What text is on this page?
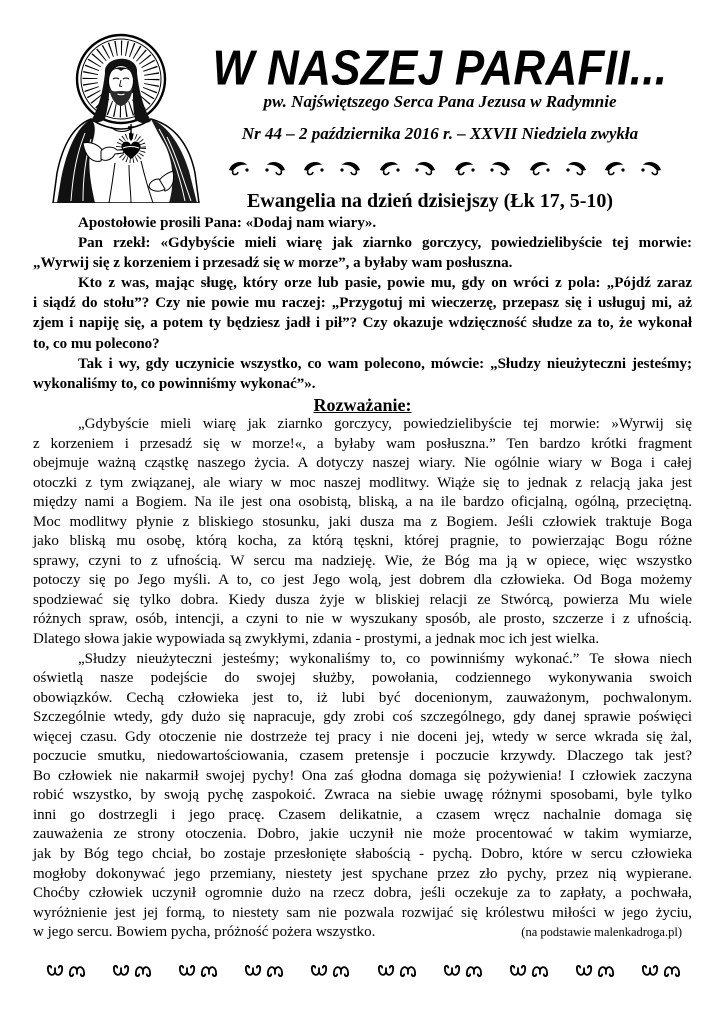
W NASZEJ PARAFII...
pw. Najświętszego Serca Pana Jezusa w Radymnie
Nr 44 – 2 października 2016 r. – XXVII Niedziela zwykła
Ewangelia na dzień dzisiejszy (Łk 17, 5-10)
Apostołowie prosili Pana: «Dodaj nam wiary».
Pan rzekł: «Gdybyście mieli wiarę jak ziarnko gorczycy, powiedzielibyście tej morwie:
„Wyrwij się z korzeniem i przesadź się w morze”, a byłaby wam posłuszna.
Kto z was, mając sługę, który orze lub pasie, powie mu, gdy on wróci z pola: „Pójdź zaraz
i siądź do stołu”? Czy nie powie mu raczej: „Przygotuj mi wieczerzę, przepasz się i usługuj mi, aż
zjem i napiję się, a potem ty będziesz jadł i pił”? Czy okazuje wdzięczność słudze za to, że wykonał
to, co mu polecono?
Tak i wy, gdy uczynicie wszystko, co wam polecono, mówcie: „Słudzy nieużyteczni jesteśmy;
wykonaliśmy to, co powinniśmy wykonać”».
Rozważanie:
„Gdybyście mieli wiarę jak ziarnko gorczycy, powiedzielibyście tej morwie: »Wyrwij się
z korzeniem i przesadź się w morze!«, a byłaby wam posłuszna.” Ten bardzo krótki fragment
obejmuje ważną cząstkę naszego życia. A dotyczy naszej wiary. Nie ogólnie wiary w Boga i całej
otoczki z tym związanej, ale wiary w moc naszej modlitwy. Wiąże się to jednak z relacją jaka jest
między nami a Bogiem. Na ile jest ona osobistą, bliską, a na ile bardzo oficjalną, ogólną, przeciętną.
Moc modlitwy płynie z bliskiego stosunku, jaki dusza ma z Bogiem. Jeśli człowiek traktuje Boga
jako bliską mu osobę, którą kocha, za którą tęskni, której pragnie, to powierzając Bogu różne
sprawy, czyni to z ufnością. W sercu ma nadzieję. Wie, że Bóg ma ją w opiece, więc wszystko
potoczy się po Jego myśli. A to, co jest Jego wolą, jest dobrem dla człowieka. Od Boga możemy
spodziewać się tylko dobra. Kiedy dusza żyje w bliskiej relacji ze Stwórcą, powierza Mu wiele
różnych spraw, osób, intencji, a czyni to nie w wyszukany sposób, ale prosto, szczerze i z ufnością.
Dlatego słowa jakie wypowiada są zwykłymi, zdania - prostymi, a jednak moc ich jest wielka.
„Słudzy nieużyteczni jesteśmy; wykonaliśmy to, co powinniśmy wykonać.” Te słowa niech
oświetlą nasze podejście do swojej służby, powołania, codziennego wykonywania swoich
obowiązków. Cechą człowieka jest to, iż lubi być docenionym, zauważonym, pochwalonym.
Szczególnie wtedy, gdy dużo się napracuje, gdy zrobi coś szczególnego, gdy danej sprawie poświęci
więcej czasu. Gdy otoczenie nie dostrzeże tej pracy i nie doceni jej, wtedy w serce wkrada się żal,
poczucie smutku, niedowartościowania, czasem pretensje i poczucie krzywdy. Dlaczego tak jest?
Bo człowiek nie nakarmił swojej pychy! Ona zaś głodna domaga się pożywienia! I człowiek zaczyna
robić wszystko, by swoją pychę zaspokoić. Zwraca na siebie uwagę różnymi sposobami, byle tylko
inni go dostrzegli i jego pracę. Czasem delikatnie, a czasem wręcz nachalnie domaga się
zauważenia ze strony otoczenia. Dobro, jakie uczynił nie może procentować w takim wymiarze,
jak by Bóg tego chciał, bo zostaje przesłonięte słabością - pychą. Dobro, które w sercu człowieka
mogłoby dokonywać jego przemiany, niestety jest spychane przez zło pychy, przez nią wypierane.
Choćby człowiek uczynił ogromnie dużo na rzecz dobra, jeśli oczekuje za to zapłaty, a pochwała,
wyróżnienie jest jej formą, to niestety sam nie pozwala rozwijać się królestwu miłości w jego życiu,
w jego sercu. Bowiem pycha, próżność pożera wszystko.	(na podstawie malenkadroga.pl)
